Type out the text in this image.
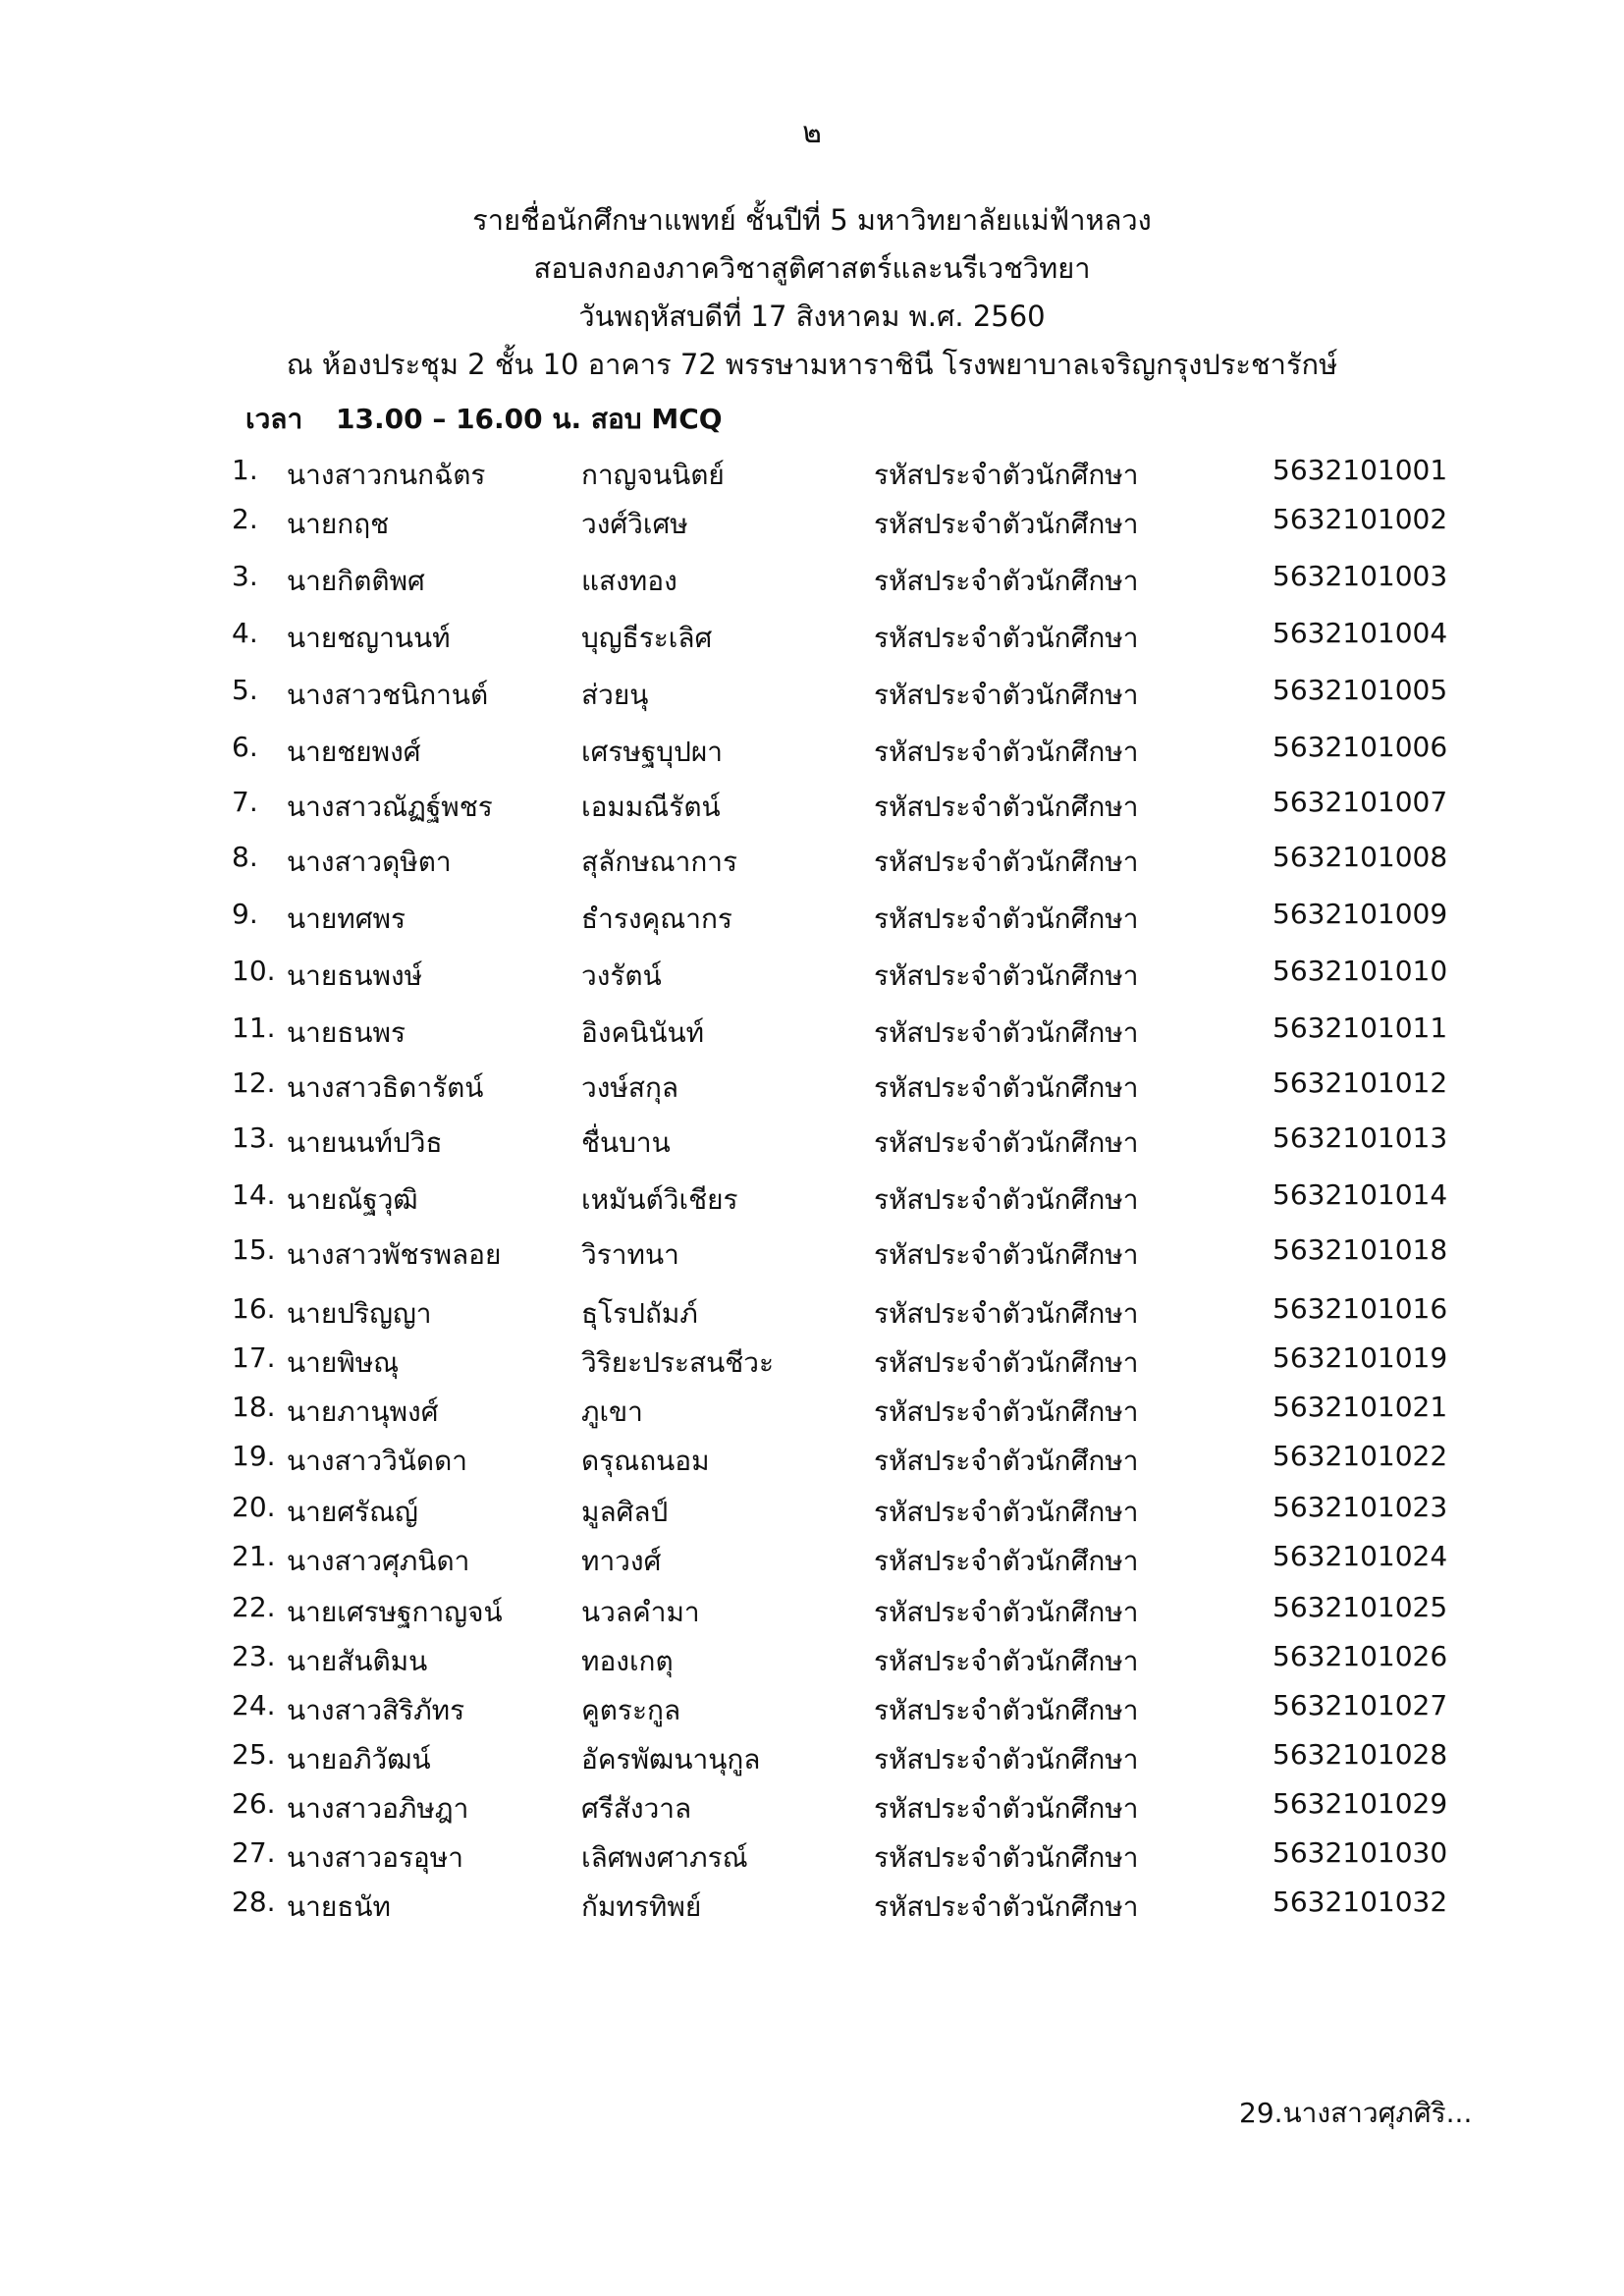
๒
รายชื่อนักศึกษาแพทย์ ชั้นปีที่ 5 มหาวิทยาลัยแม่ฟ้าหลวง
สอบลงกองภาควิชาสูติศาสตร์และนรีเวชวิทยา
วันพฤหัสบดีที่ 17 สิงหาคม พ.ศ. 2560
ณ ห้องประชุม 2 ชั้น 10 อาคาร 72 พรรษามหาราชินี โรงพยาบาลเจริญกรุงประชารักษ์
เวลา 13.00 – 16.00 น. สอบ MCQ
1.	นางสาวกนกฉัตร	กาญจนนิตย์	รหัสประจำตัวนักศึกษา	5632101001
2.	นายกฤช	วงศ์วิเศษ	รหัสประจำตัวนักศึกษา	5632101002
3.	นายกิตติพศ	แสงทอง	รหัสประจำตัวนักศึกษา	5632101003
4.	นายชญานนท์	บุญธีระเลิศ	รหัสประจำตัวนักศึกษา	5632101004
5.	นางสาวชนิกานต์	ส่วยนุ	รหัสประจำตัวนักศึกษา	5632101005
6.	นายชยพงศ์	เศรษฐบุปผา	รหัสประจำตัวนักศึกษา	5632101006
7.	นางสาวณัฏฐ์พชร	เอมมณีรัตน์	รหัสประจำตัวนักศึกษา	5632101007
8.	นางสาวดุษิตา	สุลักษณาการ	รหัสประจำตัวนักศึกษา	5632101008
9.	นายทศพร	ธำรงคุณากร	รหัสประจำตัวนักศึกษา	5632101009
10. นายธนพงษ์	วงรัตน์	รหัสประจำตัวนักศึกษา	5632101010
11. นายธนพร	อิงคนินันท์	รหัสประจำตัวนักศึกษา	5632101011
12. นางสาวธิดารัตน์	วงษ์สกุล	รหัสประจำตัวนักศึกษา	5632101012
13. นายนนท์ปวิธ	ชื่นบาน	รหัสประจำตัวนักศึกษา	5632101013
14. นายณัฐวุฒิ	เหมันต์วิเชียร	รหัสประจำตัวนักศึกษา	5632101014
15. นางสาวพัชรพลอย	วิราทนา	รหัสประจำตัวนักศึกษา	5632101018
16. นายปริญญา	ธุโรปถัมภ์	รหัสประจำตัวนักศึกษา	5632101016
17. นายพิษณุ	วิริยะประสนชีวะ	รหัสประจำตัวนักศึกษา	5632101019
18. นายภานุพงศ์	ภูเขา	รหัสประจำตัวนักศึกษา	5632101021
19. นางสาววินัดดา	ดรุณถนอม	รหัสประจำตัวนักศึกษา	5632101022
20. นายศรัณญ์	มูลศิลป์	รหัสประจำตัวนักศึกษา	5632101023
21. นางสาวศุภนิดา	ทาวงศ์	รหัสประจำตัวนักศึกษา	5632101024
22. นายเศรษฐกาญจน์	นวลคำมา	รหัสประจำตัวนักศึกษา	5632101025
23. นายสันติมน	ทองเกตุ	รหัสประจำตัวนักศึกษา	5632101026
24. นางสาวสิริภัทร	คูตระกูล	รหัสประจำตัวนักศึกษา	5632101027
25. นายอภิวัฒน์	อัครพัฒนานุกูล	รหัสประจำตัวนักศึกษา	5632101028
26. นางสาวอภิษฎา	ศรีสังวาล	รหัสประจำตัวนักศึกษา	5632101029
27. นางสาวอรอุษา	เลิศพงศาภรณ์	รหัสประจำตัวนักศึกษา	5632101030
28. นายธนัท	กัมทรทิพย์	รหัสประจำตัวนักศึกษา	5632101032
29.นางสาวศุภศิริ...
